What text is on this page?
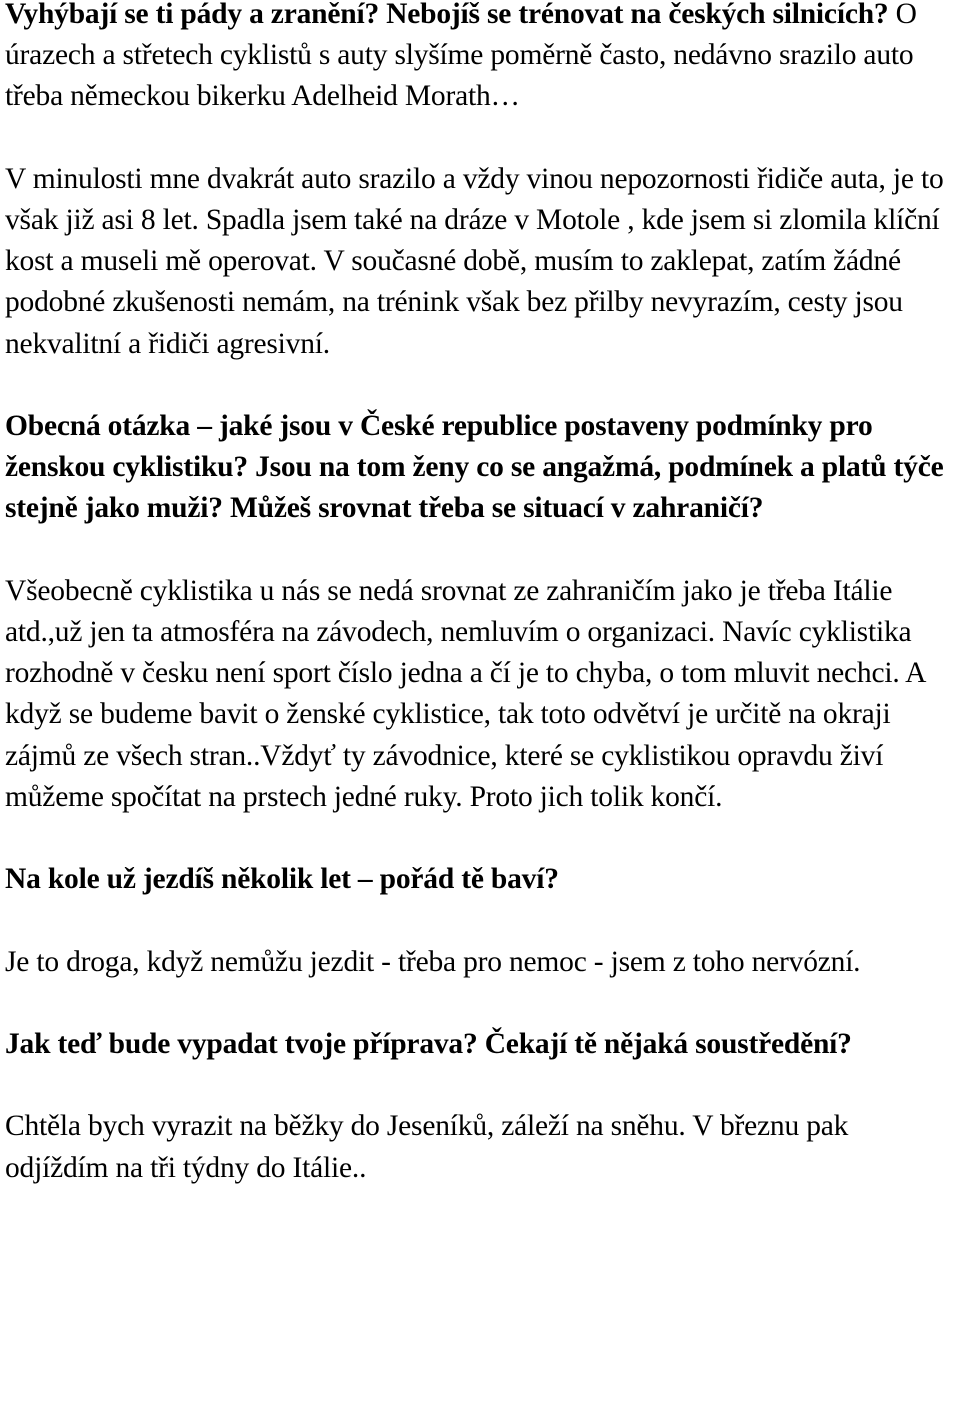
Vyhýbají se ti pády a zranění? Nebojíš se trénovat na českých silnicích? O úrazech a střetech cyklistů s auty slyšíme poměrně často, nedávno srazilo auto třeba německou bikerku Adelheid Morath…

V minulosti mne dvakrát auto srazilo a vždy vinou nepozornosti řidiče auta, je to však již asi 8 let. Spadla jsem také na dráze v Motole , kde jsem si zlomila klíční kost a museli mě operovat. V současné době, musím to zaklepat, zatím žádné podobné zkušenosti nemám, na trénink však bez přilby nevyrazím, cesty jsou nekvalitní a řidiči agresivní.

Obecná otázka – jaké jsou v České republice postaveny podmínky pro ženskou cyklistiku? Jsou na tom ženy co se angažmá, podmínek a platů týče stejně jako muži? Můžeš srovnat třeba se situací v zahraničí?

Všeobecně cyklistika u nás se nedá srovnat ze zahraničím jako je třeba Itálie atd.,už jen ta atmosféra na závodech, nemluvím o organizaci. Navíc cyklistika rozhodně v česku není sport číslo jedna a čí je to chyba, o tom mluvit nechci. A když se budeme bavit o ženské cyklistice, tak toto odvětví je určitě na okraji zájmů ze všech stran..Vždyť ty závodnice, které se cyklistikou opravdu živí můžeme spočítat na prstech jedné ruky. Proto jich tolik končí.

Na kole už jezdíš několik let – pořád tě baví?

Je to droga, když nemůžu jezdit - třeba pro nemoc - jsem z toho nervózní.

Jak teď bude vypadat tvoje příprava? Čekají tě nějaká soustředění?

Chtěla bych vyrazit na běžky do Jeseníků, záleží na sněhu. V březnu pak odjíždím na tři týdny do Itálie..
